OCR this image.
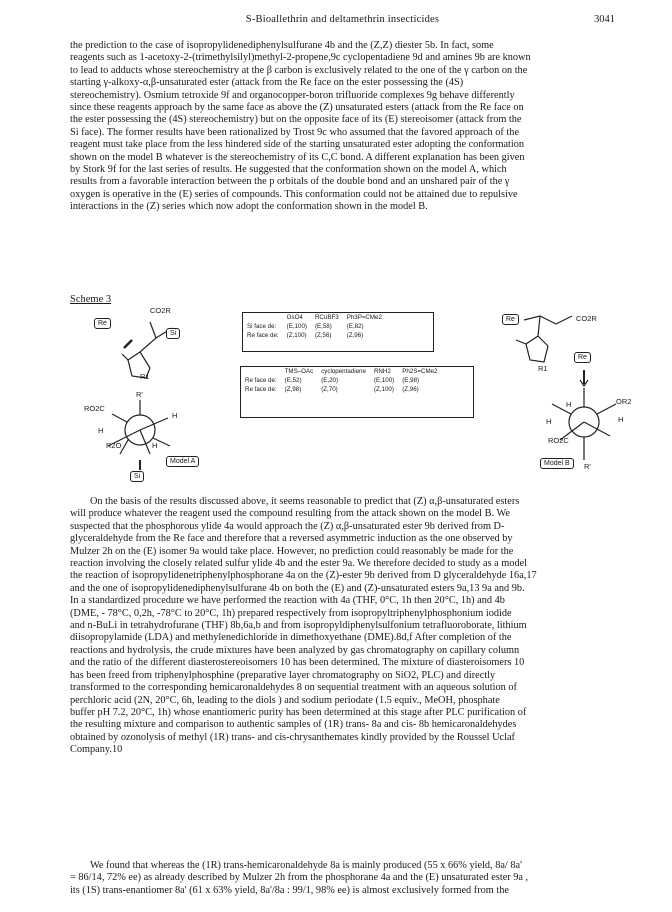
S-Bioallethrin and deltamethrin insecticides	3041
the prediction to the case of isopropylidenediphenylsulfurane 4b and the (Z,Z) diester 5b. In fact, some
reagents such as 1-acetoxy-2-(trimethylsilyl)methyl-2-propene,9c cyclopentadiene 9d and amines 9b are known
to lead to adducts whose stereochemistry at the β carbon is exclusively related to the one of the γ carbon on the
starting γ-alkoxy-α,β-unsaturated ester (attack from the Re face on the ester possessing the (4S)
stereochemistry). Osmium tetroxide 9f and organocopper-boron trifluoride complexes 9g behave differently
since these reagents approach by the same face as above the (Z) unsaturated esters (attack from the Re face on
the ester possessing the (4S) stereochemistry) but on the opposite face of its (E) stereoisomer (attack from the
Si face). The former results have been rationalized by Trost 9c who assumed that the favored approach of the
reagent must take place from the less hindered side of the starting unsaturated ester adopting the conformation
shown on the model B whatever is the stereochemistry of its C,C bond. A different explanation has been given
by Stork 9f for the last series of results. He suggested that the conformation shown on the model A, which
results from a favorable interaction between the p orbitals of the double bond and an unshared pair of the γ
oxygen is operative in the (E) series of compounds. This conformation could not be attained due to repulsive
interactions in the (Z) series which now adopt the conformation shown in the model B.
Scheme 3
Re
Si
CO2R
R1
R'
RO2C
H
H
R2O	H
Si
Model A
Re	CO2R
R1
Re
H	OR2
H	H
RO2C
Model B	R'
	OsO4	RCuBF3	Ph3P=CMe2
Si face de:	(E,100)	(E,58)	(E,82)
Re face de:	(Z,100)	(Z,56)	(Z,96)
	TMS–OAc	cyclopentadiene	RNH2	Ph2S=CMe2
Re face de:	(E,52)	(E,20)	(E,100)	(E,98)
Re face de:	(Z,98)	(Z,70)	(Z,100)	(Z,96)
On the basis of the results discussed above, it seems reasonable to predict that (Z) α,β-unsaturated esters
will produce whatever the reagent used the compound resulting from the attack shown on the model B. We
suspected that the phosphorous ylide 4a would approach the (Z) α,β-unsaturated ester 9b derived from D-
glyceraldehyde from the Re face and therefore that a reversed asymmetric induction as the one observed by
Mulzer 2h on the (E) isomer 9a would take place. However, no prediction could reasonably be made for the
reaction involving the closely related sulfur ylide 4b and the ester 9a. We therefore decided to study as a model
the reaction of isopropylidenetriphenylphosphorane 4a on the (Z)-ester 9b derived from D glyceraldehyde 16a,17
and the one of isopropylidenediphenylsulfurane 4b on both the (E) and (Z)-unsaturated esters 9a,13 9a and 9b.
In a standardized procedure we have performed the reaction with 4a (THF, 0°C, 1h then 20°C, 1h) and 4b
(DME, - 78°C, 0,2h, -78°C to 20°C, 1h) prepared respectively from isopropyltriphenylphosphonium iodide
and n-BuLi in tetrahydrofurane (THF) 8b,6a,b and from isopropyldiphenylsulfonium tetrafluoroborate, lithium
diisopropylamide (LDA) and methylenedichloride in dimethoxyethane (DME).8d,f After completion of the
reactions and hydrolysis, the crude mixtures have been analyzed by gas chromatography on capillary column
and the ratio of the different diasterostereoisomers 10 has been determined. The mixture of diasteroisomers 10
has been freed from triphenylphosphine (preparative layer chromatography on SiO2, PLC) and directly
transformed to the corresponding hemicaronaldehydes 8 on sequential treatment with an aqueous solution of
perchloric acid (2N, 20°C, 6h, leading to the diols ) and sodium periodate (1.5 equiv., MeOH, phosphate
buffer pH 7.2, 20°C, 1h) whose enantiomeric purity has been determined at this stage after PLC purification of
the resulting mixture and comparison to authentic samples of (1R) trans- 8a and cis- 8b hemicaronaldehydes
obtained by ozonolysis of methyl (1R) trans- and cis-chrysanthemates kindly provided by the Roussel Uclaf
Company.10
We found that whereas the (1R) trans-hemicaronaldehyde 8a is mainly produced (55 x 66% yield, 8a/ 8a'
= 86/14, 72% ee) as already described by Mulzer 2h from the phosphorane 4a and the (E) unsaturated ester 9a ,
its (1S) trans-enantiomer 8a' (61 x 63% yield, 8a'/8a : 99/1, 98% ee) is almost exclusively formed from the
